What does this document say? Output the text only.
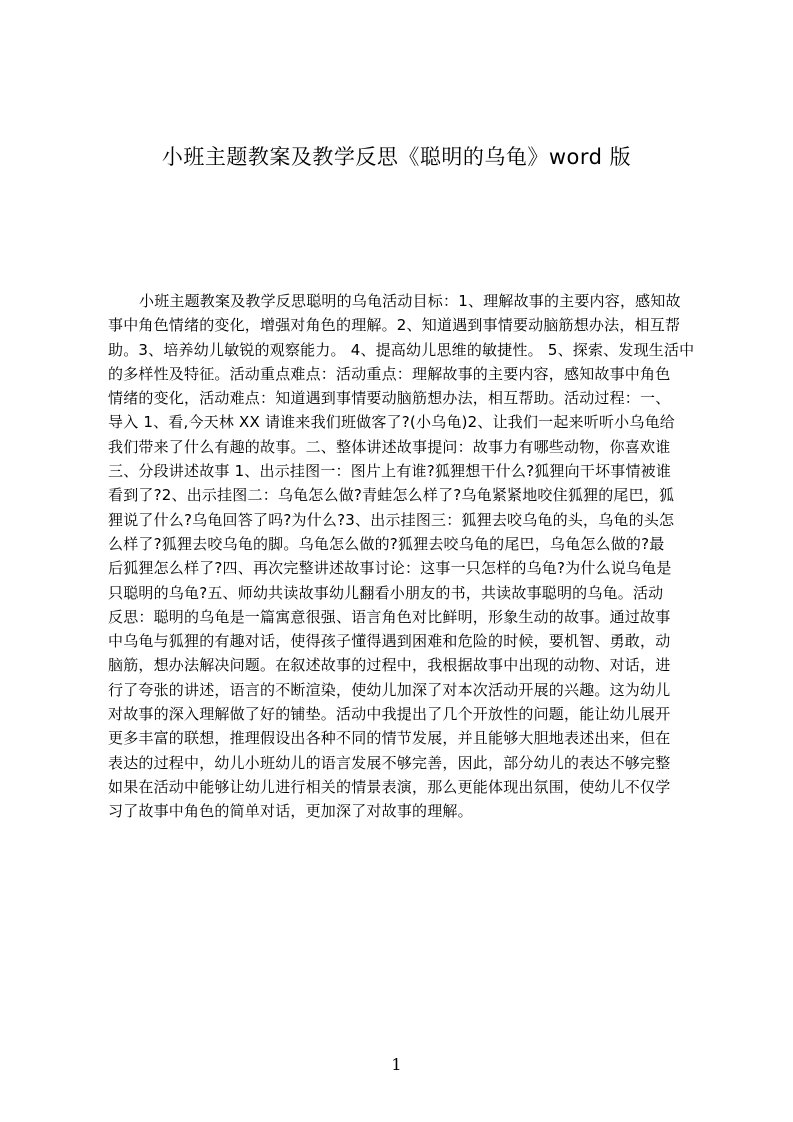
小班主题教案及教学反思《聪明的乌龟》word 版
小班主题教案及教学反思聪明的乌龟活动目标：1、理解故事的主要内容，感知故
事中角色情绪的变化，增强对角色的理解。2、知道遇到事情要动脑筋想办法，相互帮
助。3、培养幼儿敏锐的观察能力。 4、提高幼儿思维的敏捷性。 5、探索、发现生活中
的多样性及特征。活动重点难点：活动重点：理解故事的主要内容，感知故事中角色
情绪的变化，活动难点：知道遇到事情要动脑筋想办法，相互帮助。活动过程：一、
导入 1、看,今天林 XX 请谁来我们班做客了?(小乌龟)2、让我们一起来听听小乌龟给
我们带来了什么有趣的故事。二、整体讲述故事提问：故事力有哪些动物，你喜欢谁
三、分段讲述故事 1、出示挂图一：图片上有谁?狐狸想干什么?狐狸向干坏事情被谁
看到了?2、出示挂图二：乌龟怎么做?青蛙怎么样了?乌龟紧紧地咬住狐狸的尾巴，狐
狸说了什么?乌龟回答了吗?为什么?3、出示挂图三：狐狸去咬乌龟的头，乌龟的头怎
么样了?狐狸去咬乌龟的脚。乌龟怎么做的?狐狸去咬乌龟的尾巴，乌龟怎么做的?最
后狐狸怎么样了?四、再次完整讲述故事讨论：这事一只怎样的乌龟?为什么说乌龟是
只聪明的乌龟?五、师幼共读故事幼儿翻看小朋友的书，共读故事聪明的乌龟。活动
反思：聪明的乌龟是一篇寓意很强、语言角色对比鲜明，形象生动的故事。通过故事
中乌龟与狐狸的有趣对话，使得孩子懂得遇到困难和危险的时候，要机智、勇敢，动
脑筋，想办法解决问题。在叙述故事的过程中，我根据故事中出现的动物、对话，进
行了夸张的讲述，语言的不断渲染，使幼儿加深了对本次活动开展的兴趣。这为幼儿
对故事的深入理解做了好的铺垫。活动中我提出了几个开放性的问题，能让幼儿展开
更多丰富的联想，推理假设出各种不同的情节发展，并且能够大胆地表述出来，但在
表达的过程中，幼儿小班幼儿的语言发展不够完善，因此，部分幼儿的表达不够完整
如果在活动中能够让幼儿进行相关的情景表演，那么更能体现出氛围，使幼儿不仅学
习了故事中角色的简单对话，更加深了对故事的理解。
1
